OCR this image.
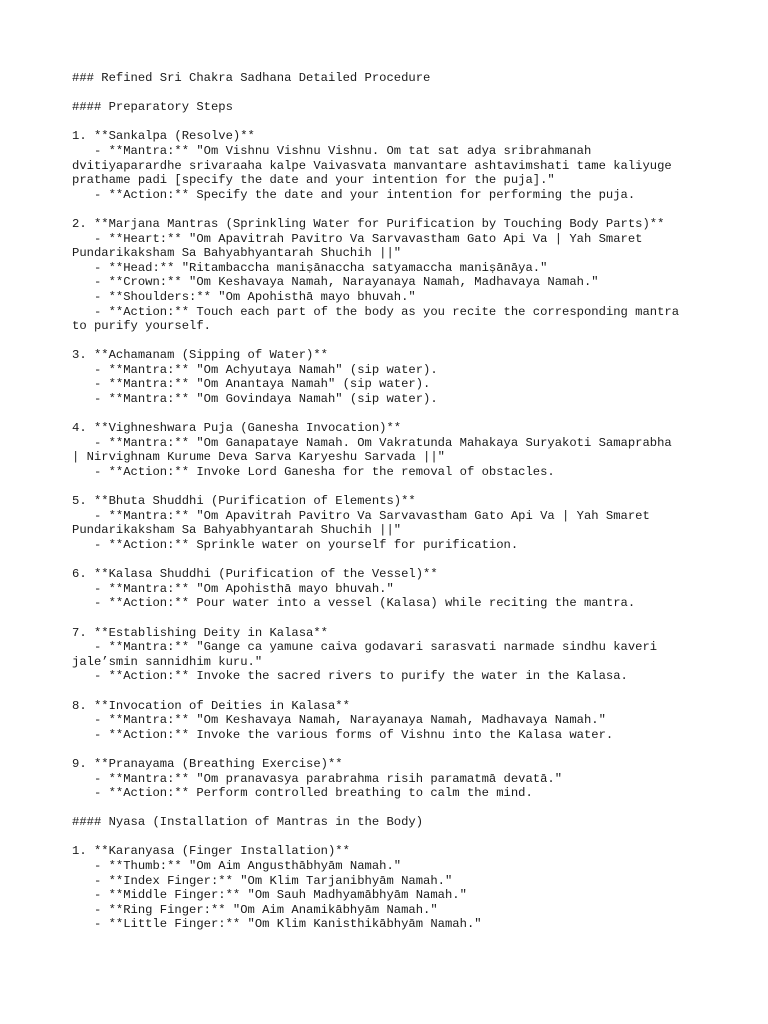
### Refined Sri Chakra Sadhana Detailed Procedure
#### Preparatory Steps
1. **Sankalpa (Resolve)**
- **Mantra:** "Om Vishnu Vishnu Vishnu. Om tat sat adya sribrahmanah
dvitiyaparardhe srivaraaha kalpe Vaivasvata manvantare ashtavimshati tame kaliyuge
prathame padi [specify the date and your intention for the puja]."
- **Action:** Specify the date and your intention for performing the puja.
2. **Marjana Mantras (Sprinkling Water for Purification by Touching Body Parts)**
- **Heart:** "Om Apavitrah Pavitro Va Sarvavastham Gato Api Va | Yah Smaret
Pundarikaksham Sa Bahyabhyantarah Shuchih ||"
- **Head:** "Ritambaccha maniṣānaccha satyamaccha maniṣānāya."
- **Crown:** "Om Keshavaya Namah, Narayanaya Namah, Madhavaya Namah."
- **Shoulders:** "Om Apohisthā mayo bhuvah."
- **Action:** Touch each part of the body as you recite the corresponding mantra
to purify yourself.
3. **Achamanam (Sipping of Water)**
- **Mantra:** "Om Achyutaya Namah" (sip water).
- **Mantra:** "Om Anantaya Namah" (sip water).
- **Mantra:** "Om Govindaya Namah" (sip water).
4. **Vighneshwara Puja (Ganesha Invocation)**
- **Mantra:** "Om Ganapataye Namah. Om Vakratunda Mahakaya Suryakoti Samaprabha
| Nirvighnam Kurume Deva Sarva Karyeshu Sarvada ||"
- **Action:** Invoke Lord Ganesha for the removal of obstacles.
5. **Bhuta Shuddhi (Purification of Elements)**
- **Mantra:** "Om Apavitrah Pavitro Va Sarvavastham Gato Api Va | Yah Smaret
Pundarikaksham Sa Bahyabhyantarah Shuchih ||"
- **Action:** Sprinkle water on yourself for purification.
6. **Kalasa Shuddhi (Purification of the Vessel)**
- **Mantra:** "Om Apohisthā mayo bhuvah."
- **Action:** Pour water into a vessel (Kalasa) while reciting the mantra.
7. **Establishing Deity in Kalasa**
- **Mantra:** "Gange ca yamune caiva godavari sarasvati narmade sindhu kaveri
jale’smin sannidhim kuru."
- **Action:** Invoke the sacred rivers to purify the water in the Kalasa.
8. **Invocation of Deities in Kalasa**
- **Mantra:** "Om Keshavaya Namah, Narayanaya Namah, Madhavaya Namah."
- **Action:** Invoke the various forms of Vishnu into the Kalasa water.
9. **Pranayama (Breathing Exercise)**
- **Mantra:** "Om pranavasya parabrahma risih paramatmā devatā."
- **Action:** Perform controlled breathing to calm the mind.
#### Nyasa (Installation of Mantras in the Body)
1. **Karanyasa (Finger Installation)**
- **Thumb:** "Om Aim Angusthābhyām Namah."
- **Index Finger:** "Om Klim Tarjanibhyām Namah."
- **Middle Finger:** "Om Sauh Madhyamābhyām Namah."
- **Ring Finger:** "Om Aim Anamikābhyām Namah."
- **Little Finger:** "Om Klim Kanisthikābhyām Namah."
